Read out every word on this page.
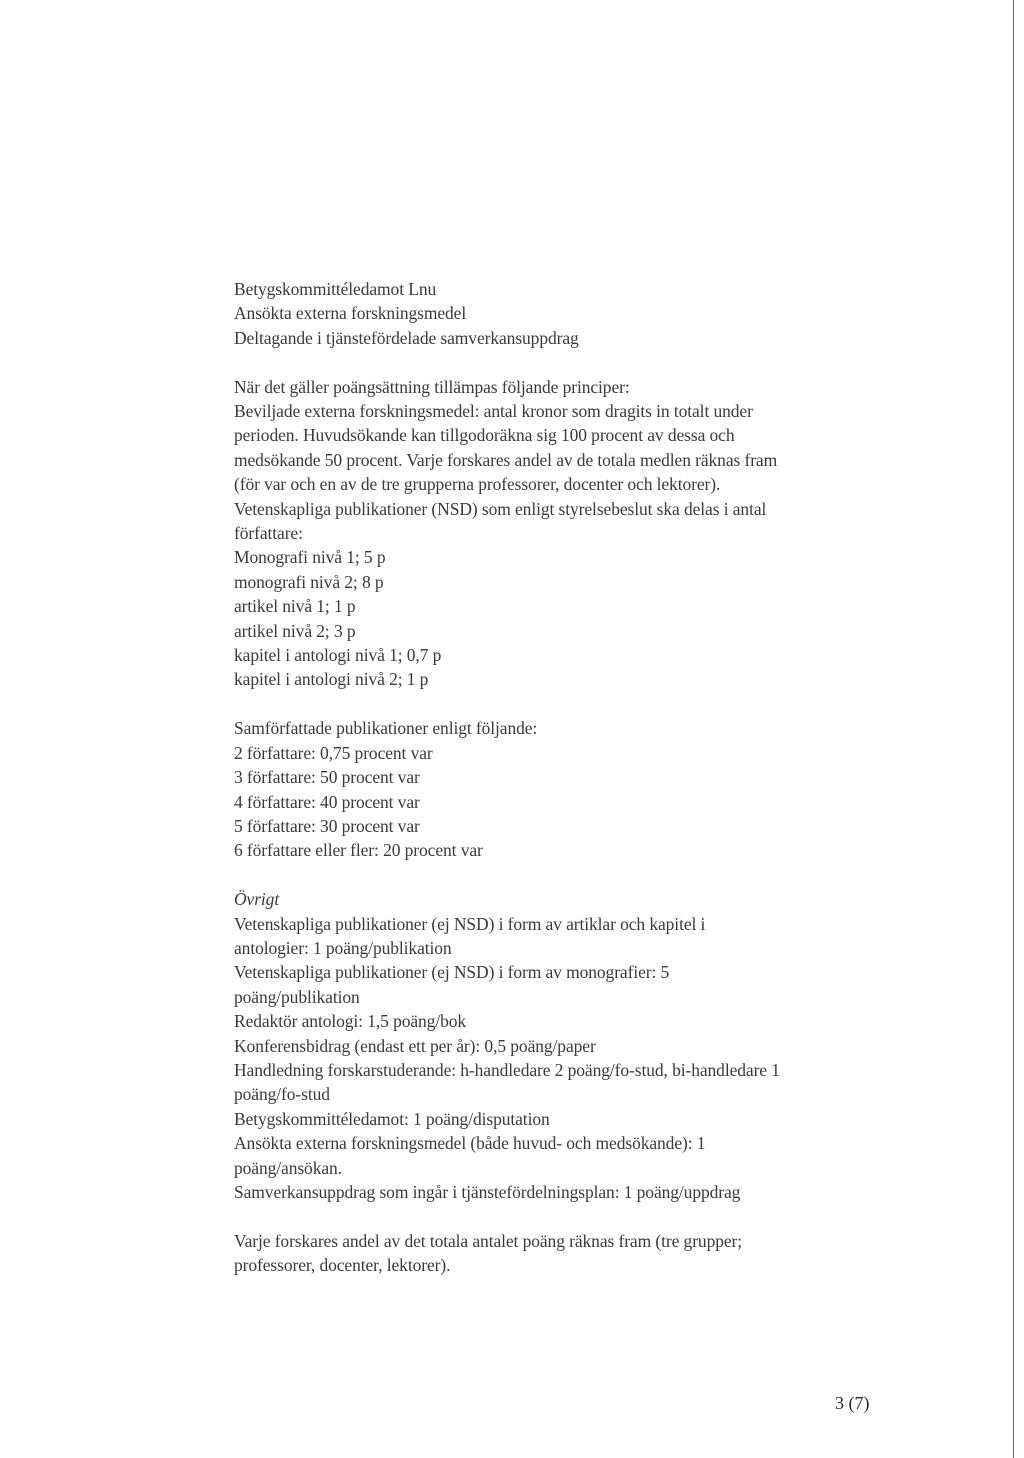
Betygskommittéledamot Lnu
Ansökta externa forskningsmedel
Deltagande i tjänstefördelade samverkansuppdrag
När det gäller poängsättning tillämpas följande principer:
Beviljade externa forskningsmedel: antal kronor som dragits in totalt under
perioden. Huvudsökande kan tillgodoräkna sig 100 procent av dessa och
medsökande 50 procent. Varje forskares andel av de totala medlen räknas fram
(för var och en av de tre grupperna professorer, docenter och lektorer).
Vetenskapliga publikationer (NSD) som enligt styrelsebeslut ska delas i antal
författare:
Monografi nivå 1; 5 p
monografi nivå 2; 8 p
artikel nivå 1; 1 p
artikel nivå 2; 3 p
kapitel i antologi nivå 1; 0,7 p
kapitel i antologi nivå 2; 1 p
Samförfattade publikationer enligt följande:
2 författare: 0,75 procent var
3 författare: 50 procent var
4 författare: 40 procent var
5 författare: 30 procent var
6 författare eller fler: 20 procent var
Övrigt
Vetenskapliga publikationer (ej NSD) i form av artiklar och kapitel i
antologier: 1 poäng/publikation
Vetenskapliga publikationer (ej NSD) i form av monografier: 5
poäng/publikation
Redaktör antologi: 1,5 poäng/bok
Konferensbidrag (endast ett per år): 0,5 poäng/paper
Handledning forskarstuderande: h-handledare 2 poäng/fo-stud, bi-handledare 1
poäng/fo-stud
Betygskommittéledamot: 1 poäng/disputation
Ansökta externa forskningsmedel (både huvud- och medsökande): 1
poäng/ansökan.
Samverkansuppdrag som ingår i tjänstefördelningsplan: 1 poäng/uppdrag
Varje forskares andel av det totala antalet poäng räknas fram (tre grupper;
professorer, docenter, lektorer).
3 (7)
